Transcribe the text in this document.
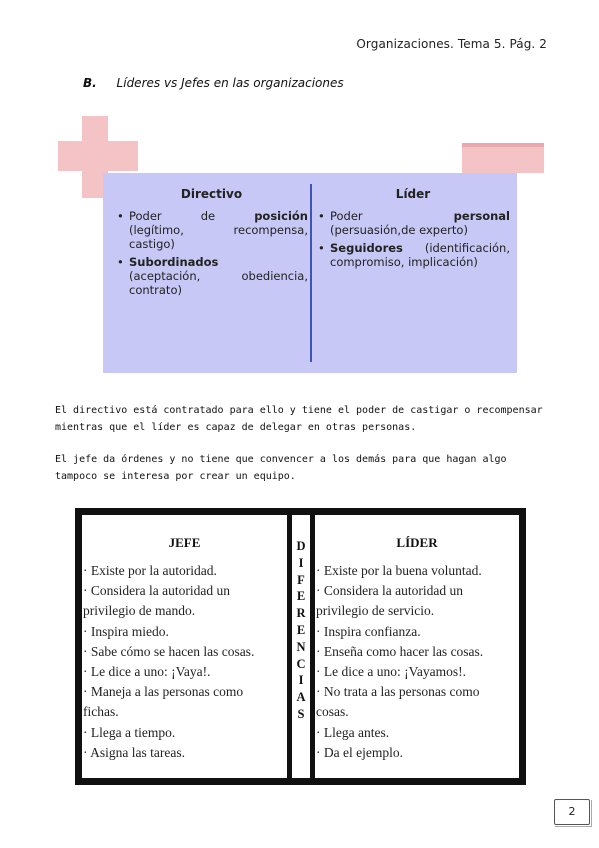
Organizaciones. Tema 5. Pág. 2
B. Líderes vs Jefes en las organizaciones
Directivo
• Poder	de	posición
(legítimo, recompensa, castigo)
• Subordinados
(aceptación, obediencia, contrato)
Líder
• Poder	personal
(persuasión,de experto)
• Seguidores (identificación, compromiso, implicación)

El directivo está contratado para ello y tiene el poder de castigar o recompensar mientras que el líder es capaz de delegar en otras personas.

El jefe da órdenes y no tiene que convencer a los demás para que hagan algo tampoco se interesa por crear un equipo.

JEFE	LÍDER
D
I
F
E
R
E
N
C
I
A
S
· Existe por la autoridad.
· Considera la autoridad un
privilegio de mando.
· Inspira miedo.
· Sabe cómo se hacen las cosas.
· Le dice a uno: ¡Vaya!.
· Maneja a las personas como
fichas.
· Llega a tiempo.
· Asigna las tareas.
· Existe por la buena voluntad.
· Considera la autoridad un
privilegio de servicio.
· Inspira confianza.
· Enseña como hacer las cosas.
· Le dice a uno: ¡Vayamos!.
· No trata a las personas como
cosas.
· Llega antes.
· Da el ejemplo.
2
